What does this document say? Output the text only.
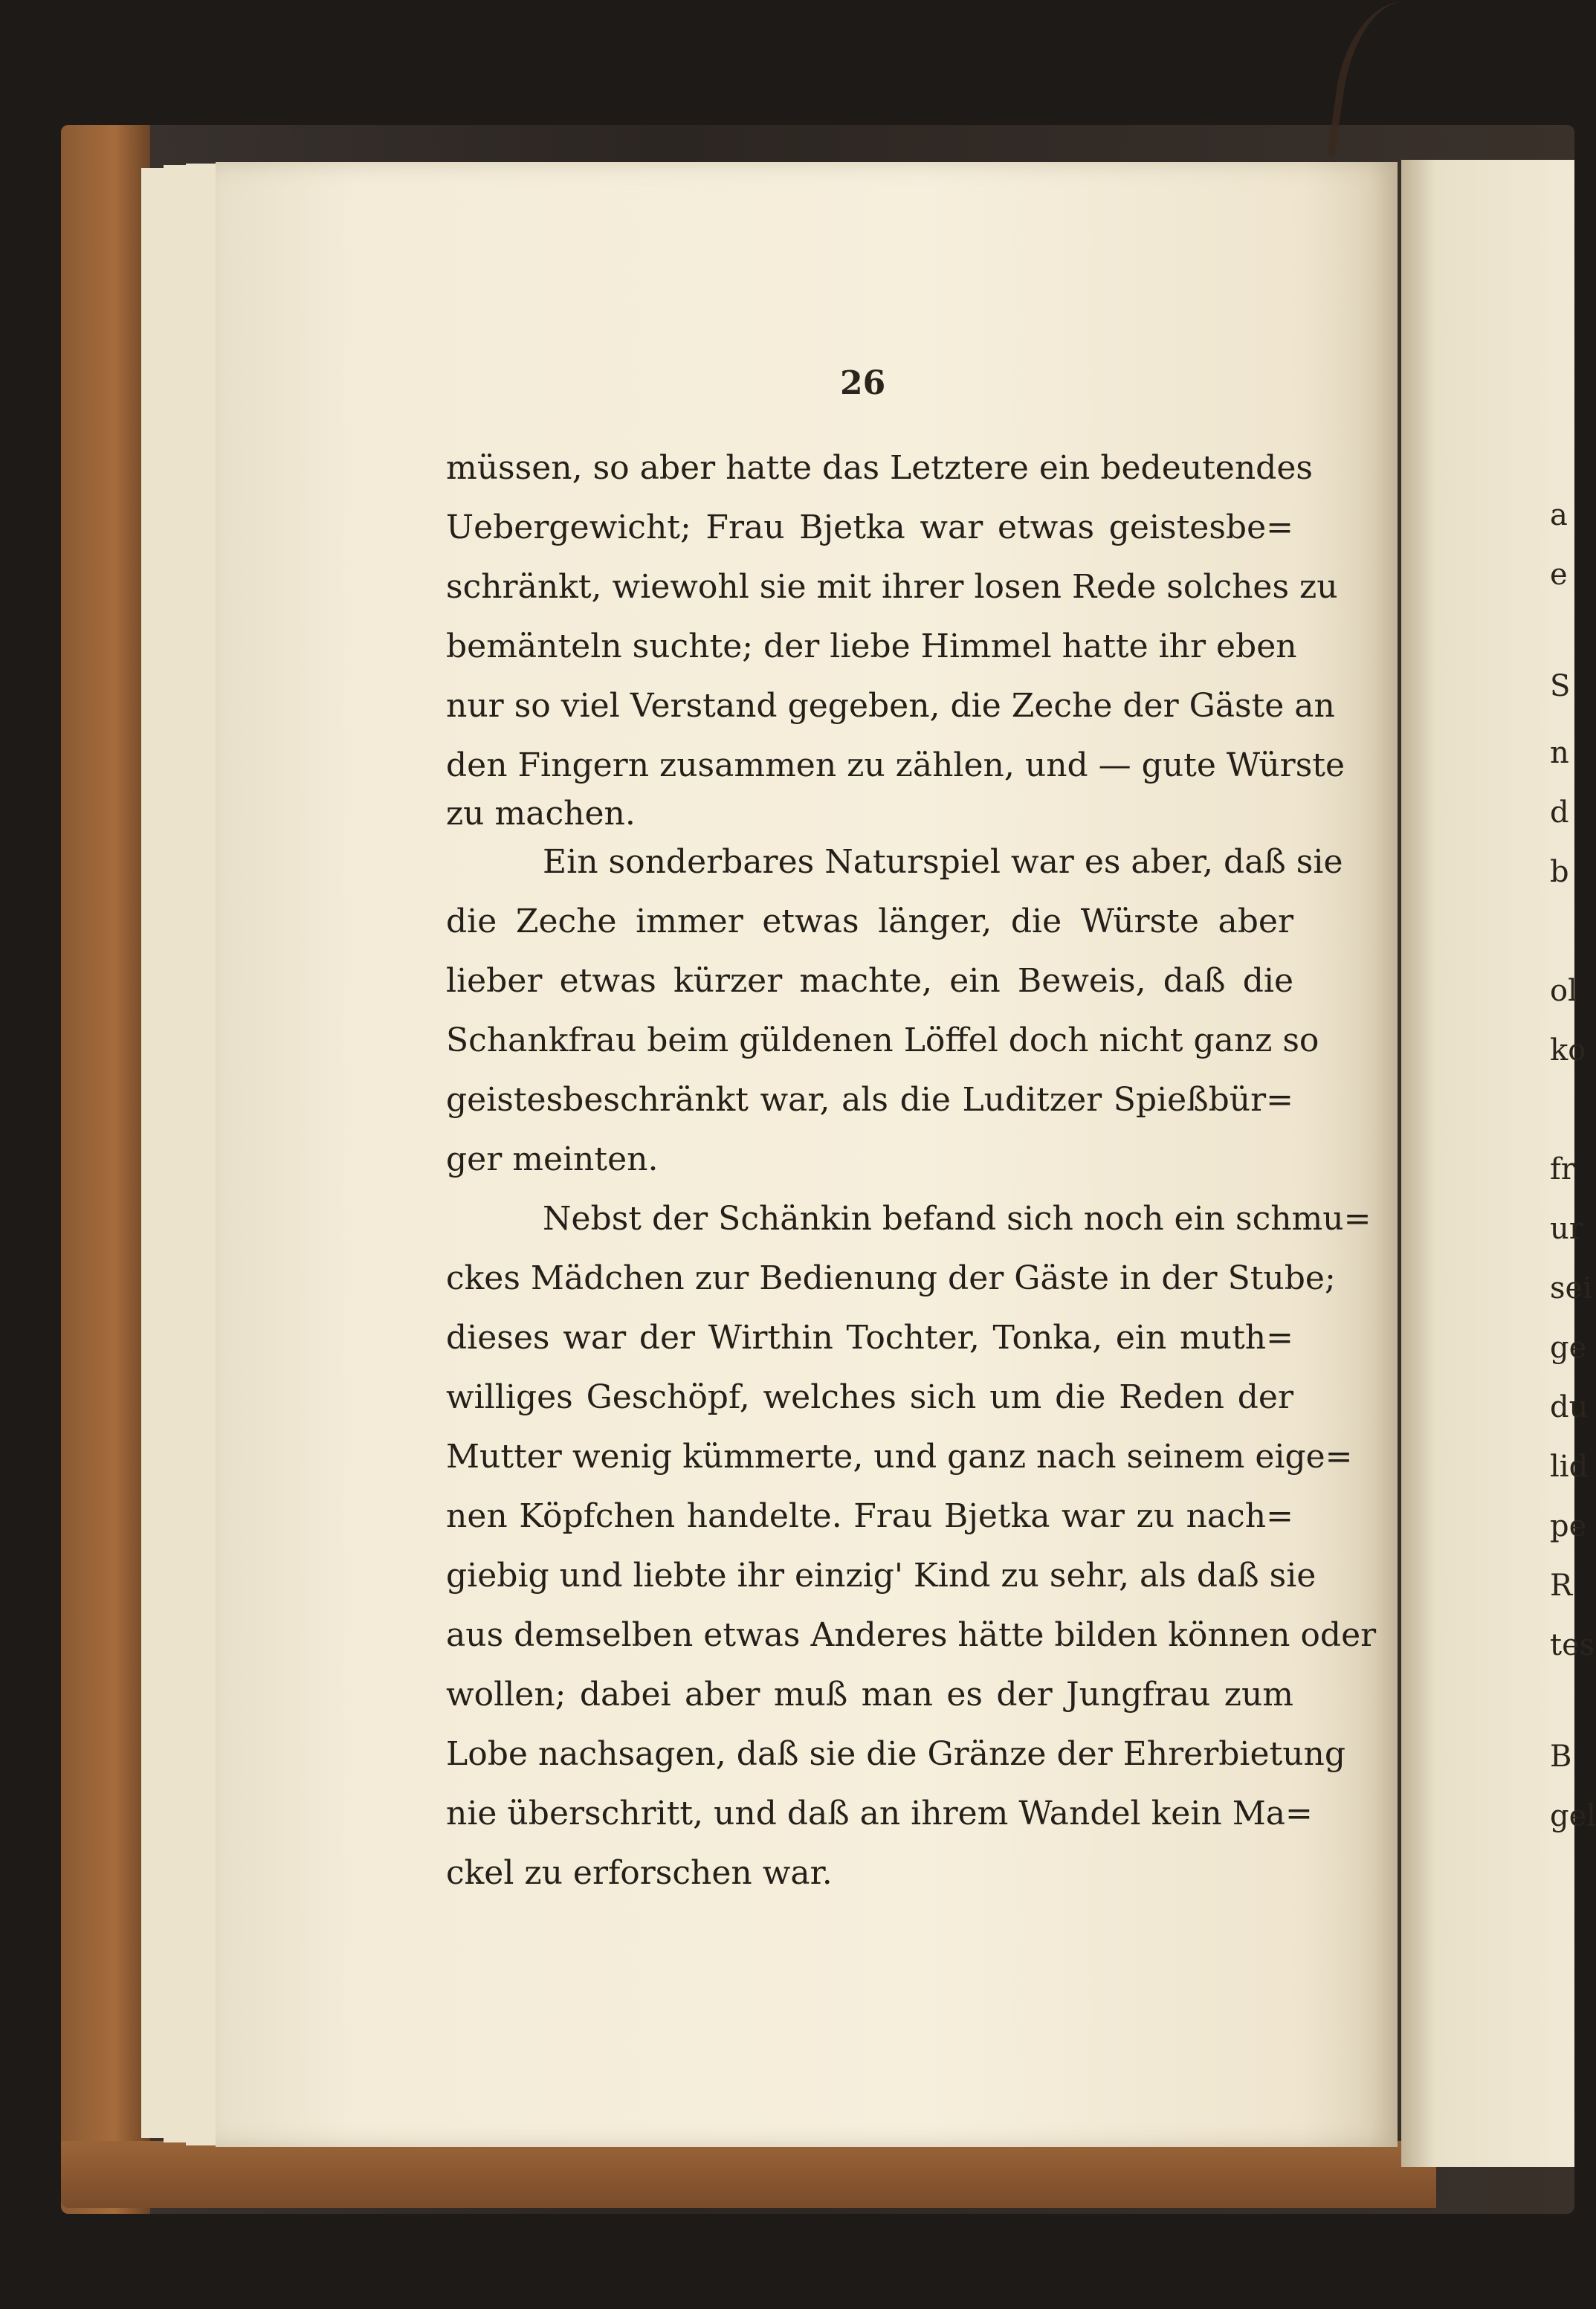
26
müssen, so aber hatte das Letztere ein bedeutendes
Uebergewicht; Frau Bjetka war etwas geistesbe=
schränkt, wiewohl sie mit ihrer losen Rede solches zu
bemänteln suchte; der liebe Himmel hatte ihr eben
nur so viel Verstand gegeben, die Zeche der Gäste an
den Fingern zusammen zu zählen, und — gute Würste
zu machen.
Ein sonderbares Naturspiel war es aber, daß sie
die Zeche immer etwas länger, die Würste aber
lieber etwas kürzer machte, ein Beweis, daß die
Schankfrau beim güldenen Löffel doch nicht ganz so
geistesbeschränkt war, als die Luditzer Spießbür=
ger meinten.
Nebst der Schänkin befand sich noch ein schmu=
ckes Mädchen zur Bedienung der Gäste in der Stube;
dieses war der Wirthin Tochter, Tonka, ein muth=
williges Geschöpf, welches sich um die Reden der
Mutter wenig kümmerte, und ganz nach seinem eige=
nen Köpfchen handelte. Frau Bjetka war zu nach=
giebig und liebte ihr einzig' Kind zu sehr, als daß sie
aus demselben etwas Anderes hätte bilden können oder
wollen; dabei aber muß man es der Jungfrau zum
Lobe nachsagen, daß sie die Gränze der Ehrerbietung
nie überschritt, und daß an ihrem Wandel kein Ma=
ckel zu erforschen war.
a
e
S
n
d
b
ol
ko
fr
ur
sei
ge
du
lid
pe
R
tes
B
gel
